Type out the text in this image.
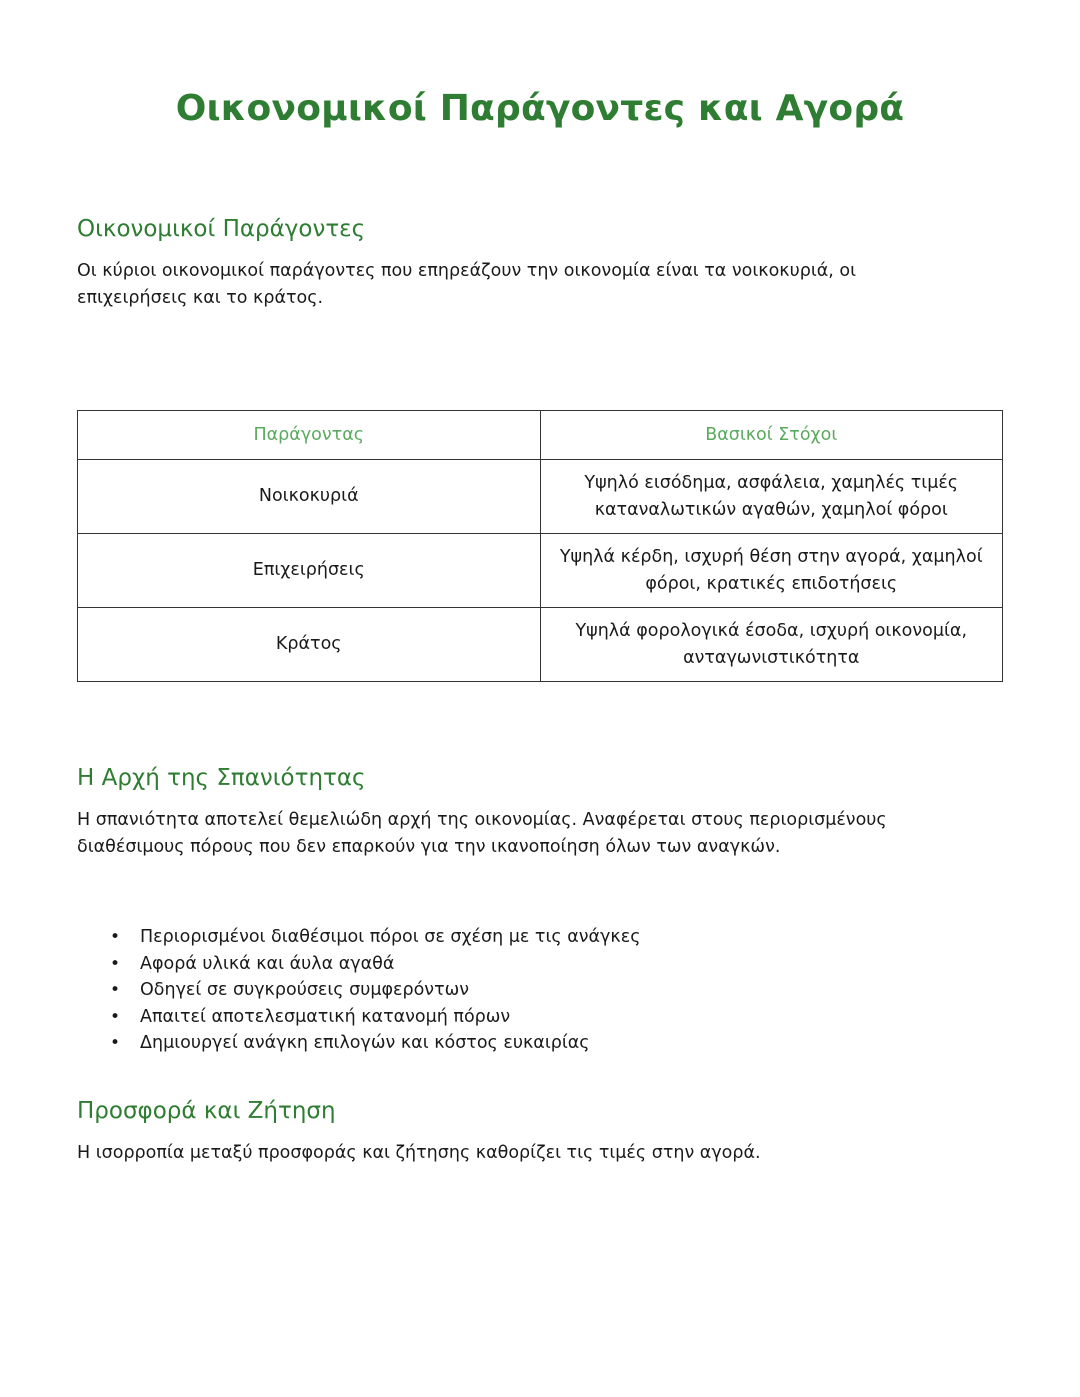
Οικονομικοί Παράγοντες και Αγορά
Οικονομικοί Παράγοντες

Οι κύριοι οικονομικοί παράγοντες που επηρεάζουν την οικονομία είναι τα νοικοκυριά, οι
επιχειρήσεις και το κράτος.

Παράγοντας	Βασικοί Στόχοι
Νοικοκυριά	Υψηλό εισόδημα, ασφάλεια, χαμηλές τιμές
καταναλωτικών αγαθών, χαμηλοί φόροι
Επιχειρήσεις	Υψηλά κέρδη, ισχυρή θέση στην αγορά, χαμηλοί
φόροι, κρατικές επιδοτήσεις
Κράτος	Υψηλά φορολογικά έσοδα, ισχυρή οικονομία,
ανταγωνιστικότητα
Η Αρχή της Σπανιότητας

Η σπανιότητα αποτελεί θεμελιώδη αρχή της οικονομίας. Αναφέρεται στους περιορισμένους
διαθέσιμους πόρους που δεν επαρκούν για την ικανοποίηση όλων των αναγκών.

• Περιορισμένοι διαθέσιμοι πόροι σε σχέση με τις ανάγκες
• Αφορά υλικά και άυλα αγαθά
• Οδηγεί σε συγκρούσεις συμφερόντων
• Απαιτεί αποτελεσματική κατανομή πόρων
• Δημιουργεί ανάγκη επιλογών και κόστος ευκαιρίας
Προσφορά και Ζήτηση

Η ισορροπία μεταξύ προσφοράς και ζήτησης καθορίζει τις τιμές στην αγορά.
